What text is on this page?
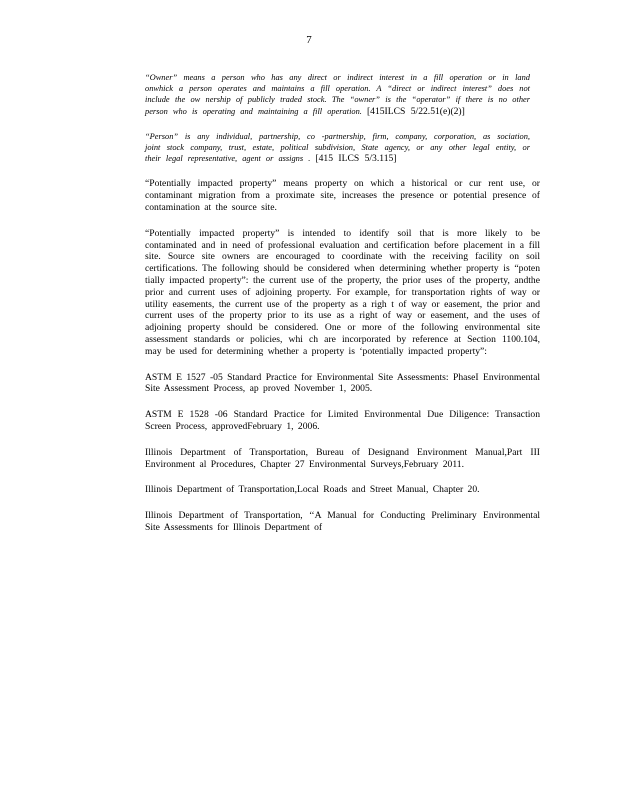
7

“Owner” means a person who has any direct or indirect interest in a fill operation or in land onwhick a person operates and maintains a fill operation. A “direct or indirect interest” does not include the ow nership of publicly traded stock. The “owner” is the “operator” if there is no other person who is operating and maintaining a fill operation. [415ILCS 5/22.51(e)(2)]

“Person” is any individual, partnership, co -partnership, firm, company, corporation, as sociation, joint stock company, trust, estate, political subdivision, State agency, or any other legal entity, or their legal representative, agent or assigns . [415 ILCS 5/3.115]

“Potentially impacted property” means property on which a historical or cur rent use, or contaminant migration from a proximate site, increases the presence or potential presence of contamination at the source site.

“Potentially impacted property” is intended to identify soil that is more likely to be contaminated and in need of professional evaluation and certification before placement in a fill site. Source site owners are encouraged to coordinate with the receiving facility on soil certifications. The following should be considered when determining whether property is “poten tially impacted property”: the current use of the property, the prior uses of the property, andthe prior and current uses of adjoining property. For example, for transportation rights of way or utility easements, the current use of the property as a righ t of way or easement, the prior and current uses of the property prior to its use as a right of way or easement, and the uses of adjoining property should be considered. One or more of the following environmental site assessment standards or policies, whi ch are incorporated by reference at Section 1100.104, may be used for determining whether a property is ‘potentially impacted property”:

ASTM E 1527 -05 Standard Practice for Environmental Site Assessments: PhaseI Environmental Site Assessment Process, ap proved November 1, 2005.

ASTM E 1528 -06 Standard Practice for Limited Environmental Due Diligence: Transaction Screen Process, approvedFebruary 1, 2006.

Illinois Department of Transportation, Bureau of Designand Environment Manual,Part III Environment al Procedures, Chapter 27 Environmental Surveys,February 2011.

Illinois Department of Transportation,Local Roads and Street Manual, Chapter 20.

Illinois Department of Transportation, ‘‘A Manual for Conducting Preliminary Environmental Site Assessments for Illinois Department of
